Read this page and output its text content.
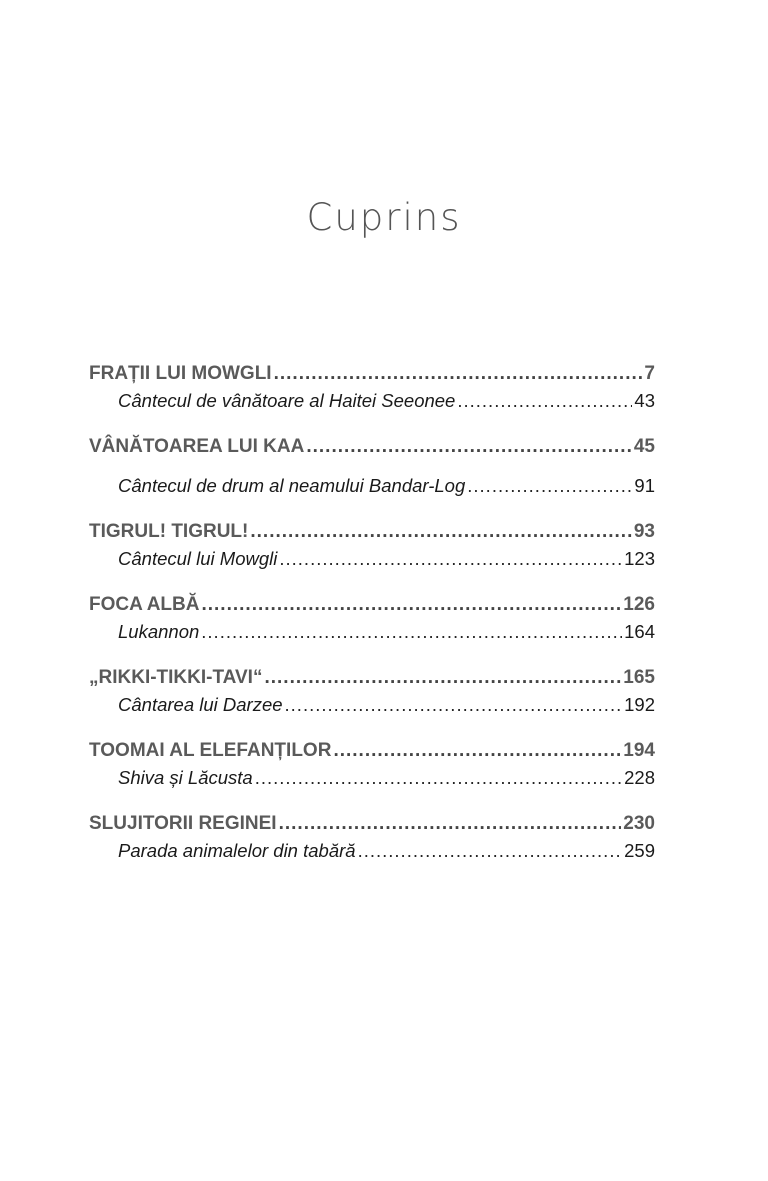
Cuprins
FRAȚII LUI MOWGLI .....	7
Cântecul de vânătoare al Haitei Seeonee .....	43
VÂNĂTOAREA LUI KAA .....	45
Cântecul de drum al neamului Bandar-Log .....	91
TIGRUL! TIGRUL! .....	93
Cântecul lui Mowgli .....	123
FOCA ALBĂ .....	126
Lukannon .....	164
„RIKKI-TIKKI-TAVI“ .....	165
Cântarea lui Darzee .....	192
TOOMAI AL ELEFANȚILOR .....	194
Shiva și Lăcusta .....	228
SLUJITORII REGINEI .....	230
Parada animalelor din tabără .....	259
